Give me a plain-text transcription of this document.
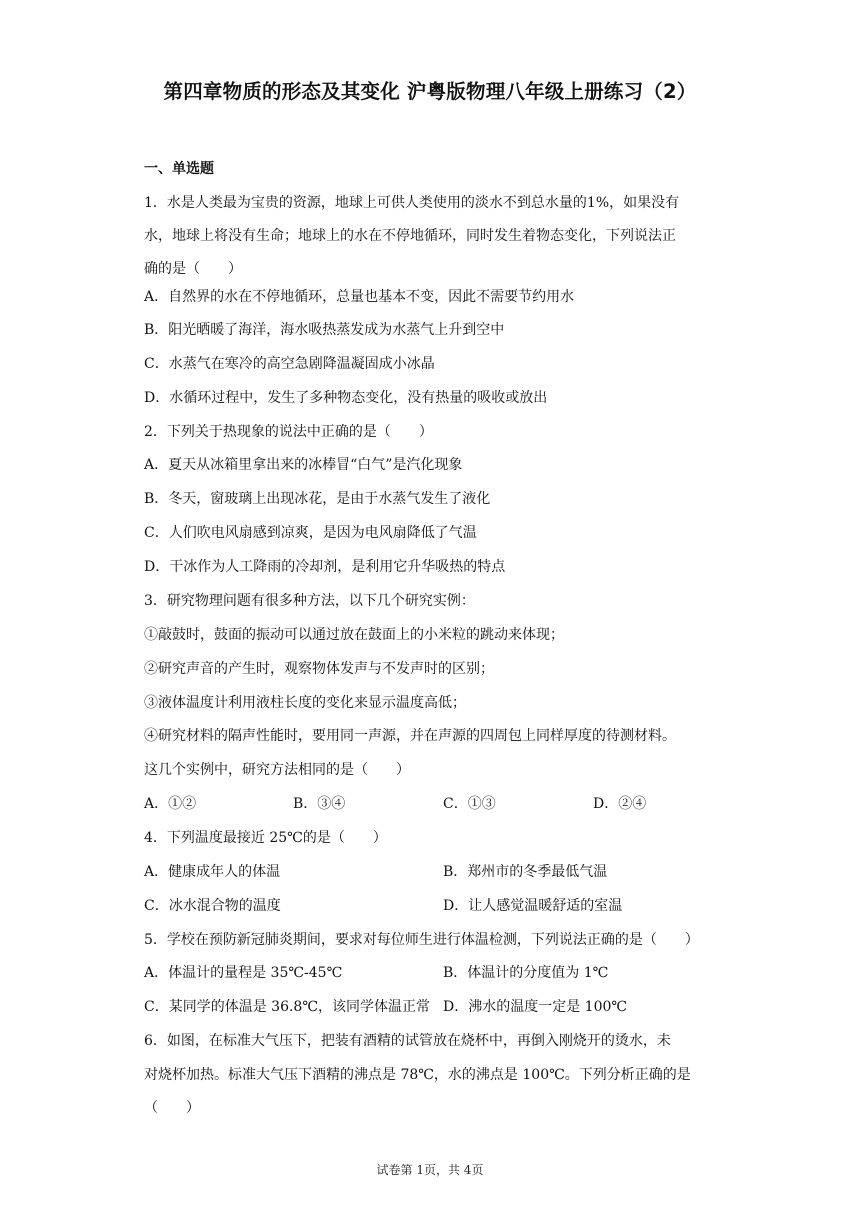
第四章物质的形态及其变化 沪粤版物理八年级上册练习（2）
一、单选题
1．水是人类最为宝贵的资源，地球上可供人类使用的淡水不到总水量的1%，如果没有
水，地球上将没有生命；地球上的水在不停地循环，同时发生着物态变化，下列说法正
确的是（　　）
A．自然界的水在不停地循环，总量也基本不变，因此不需要节约用水
B．阳光晒暖了海洋，海水吸热蒸发成为水蒸气上升到空中
C．水蒸气在寒冷的高空急剧降温凝固成小冰晶
D．水循环过程中，发生了多种物态变化，没有热量的吸收或放出
2．下列关于热现象的说法中正确的是（　　）
A．夏天从冰箱里拿出来的冰棒冒“白气”是汽化现象
B．冬天，窗玻璃上出现冰花，是由于水蒸气发生了液化
C．人们吹电风扇感到凉爽，是因为电风扇降低了气温
D．干冰作为人工降雨的冷却剂，是利用它升华吸热的特点
3．研究物理问题有很多种方法，以下几个研究实例：
①敲鼓时，鼓面的振动可以通过放在鼓面上的小米粒的跳动来体现；
②研究声音的产生时，观察物体发声与不发声时的区别；
③液体温度计利用液柱长度的变化来显示温度高低；
④研究材料的隔声性能时，要用同一声源，并在声源的四周包上同样厚度的待测材料。
这几个实例中，研究方法相同的是（　　）
A．①②	B．③④	C．①③	D．②④
4．下列温度最接近 25℃的是（　　）
A．健康成年人的体温	B．郑州市的冬季最低气温
C．冰水混合物的温度	D．让人感觉温暖舒适的室温
5．学校在预防新冠肺炎期间，要求对每位师生进行体温检测，下列说法正确的是（　　）
A．体温计的量程是 35℃-45℃	B．体温计的分度值为 1℃
C．某同学的体温是 36.8℃，该同学体温正常 D．沸水的温度一定是 100℃
6．如图，在标准大气压下，把装有酒精的试管放在烧杯中，再倒入刚烧开的烫水，未
对烧杯加热。标准大气压下酒精的沸点是 78℃，水的沸点是 100℃。下列分析正确的是
（　　）
试卷第 1页，共 4页
